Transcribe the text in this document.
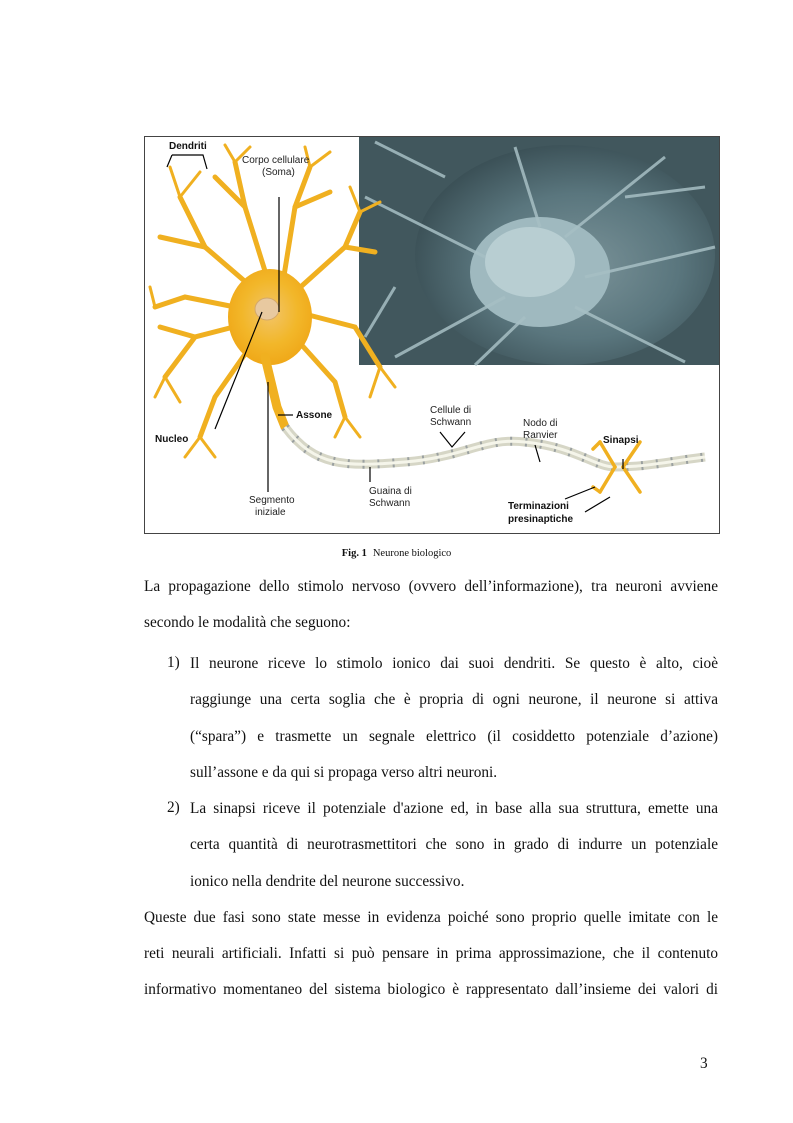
Dendriti
Corpo cellulare
(Soma)
Assone
Nucleo
Segmento
iniziale
Cellule di
Schwann	Nodo di
Ranvier	Sinapsi
Guaina di
Schwann	Terminazioni
presinaptiche
Fig. 1 Neurone biologico

La propagazione dello stimolo nervoso (ovvero dell’informazione), tra neuroni avviene

secondo le modalità che seguono:

1) Il neurone riceve lo stimolo ionico dai suoi dendriti. Se questo è alto, cioè

raggiunge una certa soglia che è propria di ogni neurone, il neurone si attiva

(“spara”) e trasmette un segnale elettrico (il cosiddetto potenziale d’azione)

sull’assone e da qui si propaga verso altri neuroni.

2) La sinapsi riceve il potenziale d'azione ed, in base alla sua struttura, emette una

certa quantità di neurotrasmettitori che sono in grado di indurre un potenziale

ionico nella dendrite del neurone successivo.

Queste due fasi sono state messe in evidenza poiché sono proprio quelle imitate con le

reti neurali artificiali. Infatti si può pensare in prima approssimazione, che il contenuto

informativo momentaneo del sistema biologico è rappresentato dall’insieme dei valori di

3
